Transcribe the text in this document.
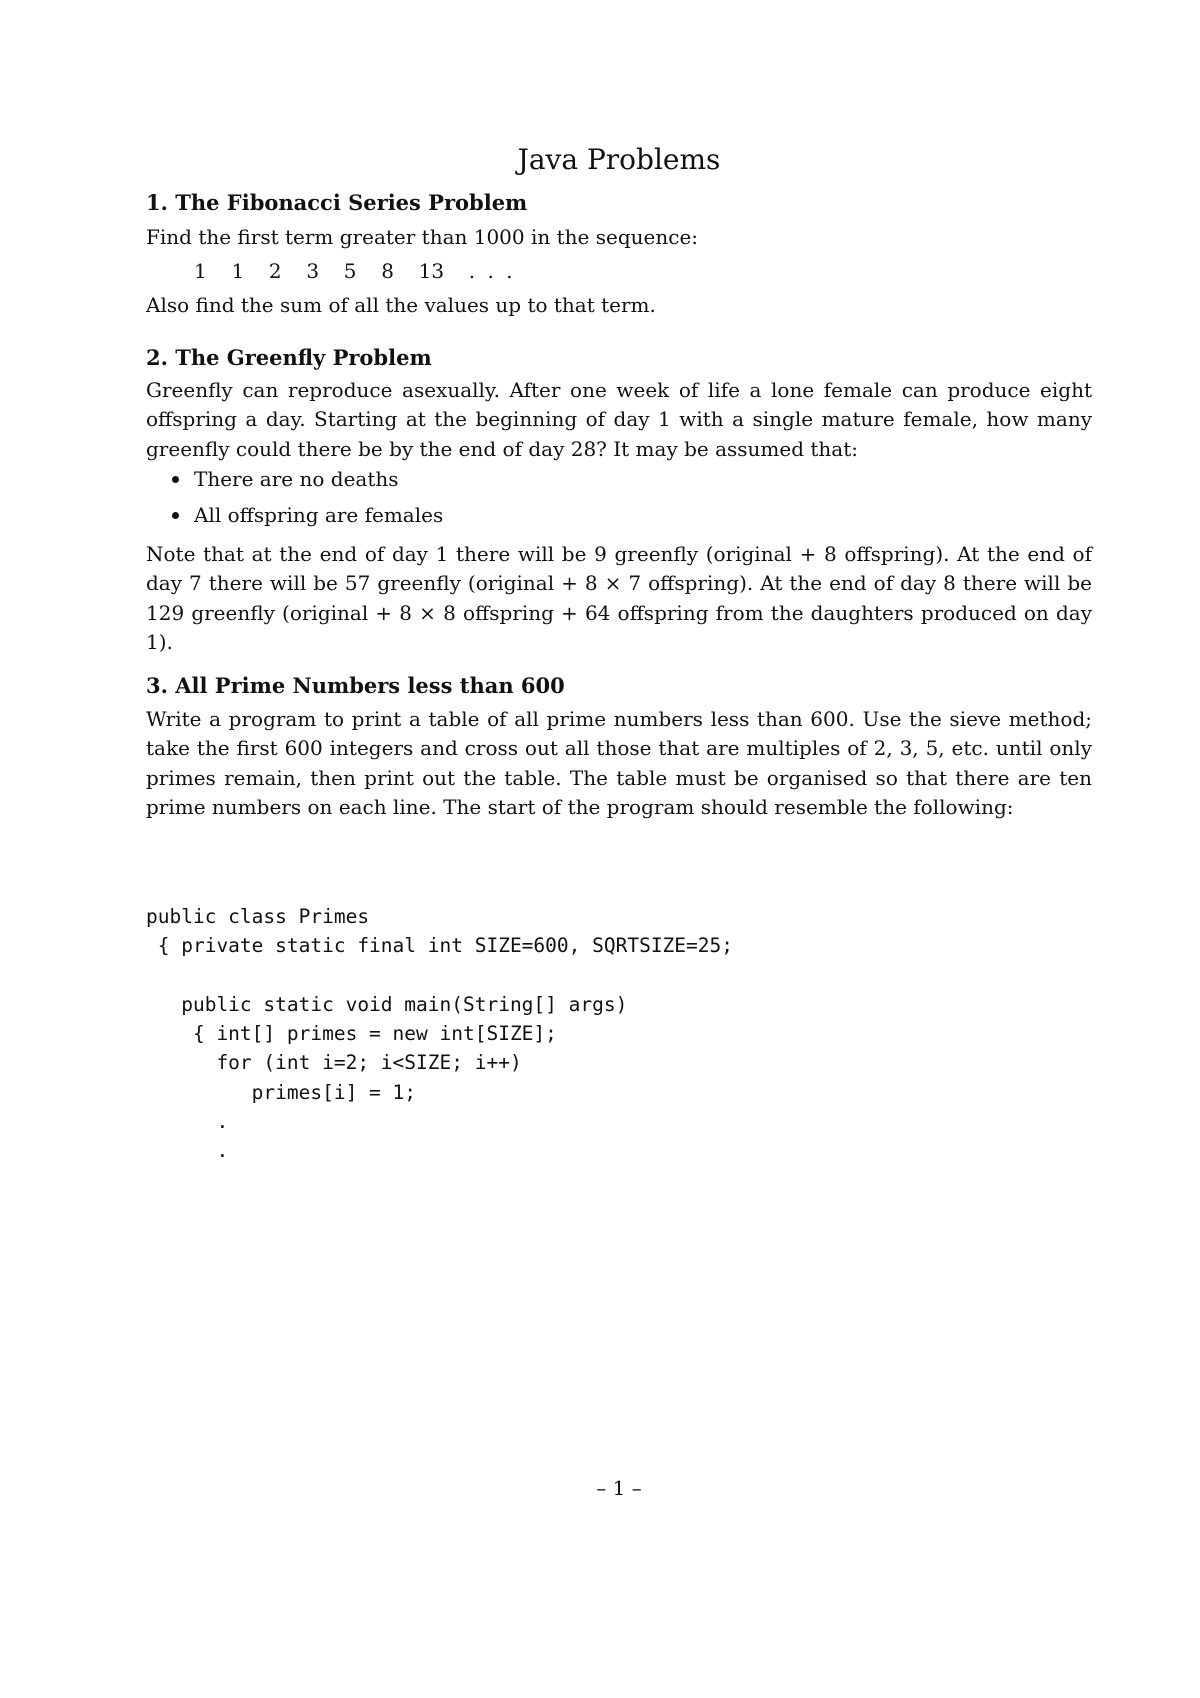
Java Problems
1. The Fibonacci Series Problem
Find the first term greater than 1000 in the sequence:
1  1  2  3  5  8  13  . . .
Also find the sum of all the values up to that term.
2. The Greenfly Problem
Greenfly can reproduce asexually. After one week of life a lone female can produce eight offspring a day. Starting at the beginning of day 1 with a single mature female, how many greenfly could there be by the end of day 28? It may be assumed that:
There are no deaths
All offspring are females
Note that at the end of day 1 there will be 9 greenfly (original + 8 offspring). At the end of day 7 there will be 57 greenfly (original + 8 × 7 offspring). At the end of day 8 there will be 129 greenfly (original + 8 × 8 offspring + 64 offspring from the daughters produced on day 1).
3. All Prime Numbers less than 600
Write a program to print a table of all prime numbers less than 600. Use the sieve method; take the first 600 integers and cross out all those that are multiples of 2, 3, 5, etc. until only primes remain, then print out the table. The table must be organised so that there are ten prime numbers on each line. The start of the program should resemble the following:
public class Primes
{ private static final int SIZE=600, SQRTSIZE=25;

public static void main(String[] args)
{ int[] primes = new int[SIZE];
for (int i=2; i<SIZE; i++)
primes[i] = 1;
.
.
– 1 –
